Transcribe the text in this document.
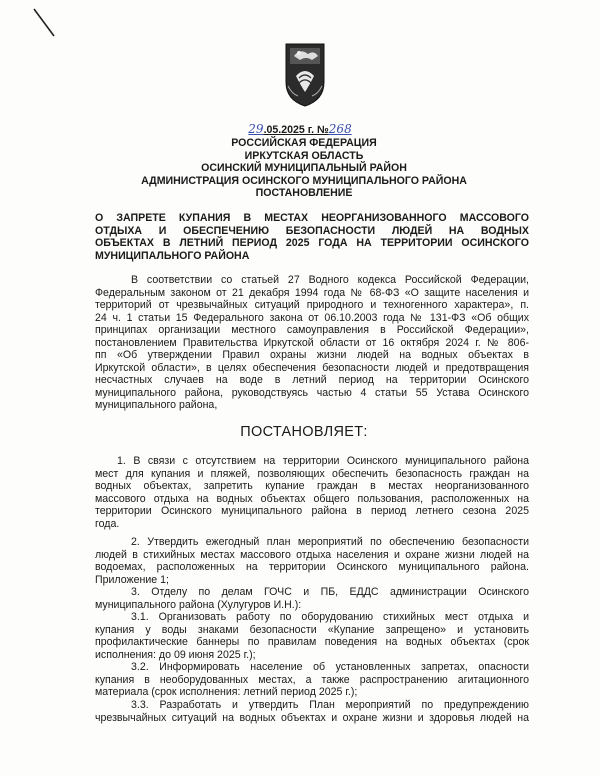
29.05.2025 г. №268
РОССИЙСКАЯ ФЕДЕРАЦИЯ
ИРКУТСКАЯ ОБЛАСТЬ
ОСИНСКИЙ МУНИЦИПАЛЬНЫЙ РАЙОН
АДМИНИСТРАЦИЯ ОСИНСКОГО МУНИЦИПАЛЬНОГО РАЙОНА
ПОСТАНОВЛЕНИЕ
О ЗАПРЕТЕ КУПАНИЯ В МЕСТАХ НЕОРГАНИЗОВАННОГО МАССОВОГО
ОТДЫХА И ОБЕСПЕЧЕНИЮ БЕЗОПАСНОСТИ ЛЮДЕЙ НА ВОДНЫХ
ОБЪЕКТАХ В ЛЕТНИЙ ПЕРИОД 2025 ГОДА НА ТЕРРИТОРИИ ОСИНСКОГО
МУНИЦИПАЛЬНОГО РАЙОНА
В соответствии со статьей 27 Водного кодекса Российской Федерации,
Федеральным законом от 21 декабря 1994 года № 68-ФЗ «О защите населения и
территорий от чрезвычайных ситуаций природного и техногенного характера», п.
24 ч. 1 статьи 15 Федерального закона от 06.10.2003 года № 131-ФЗ «Об общих
принципах организации местного самоуправления в Российской Федерации»,
постановлением Правительства Иркутской области от 16 октября 2024 г. № 806-
пп «Об утверждении Правил охраны жизни людей на водных объектах в
Иркутской области», в целях обеспечения безопасности людей и предотвращения
несчастных случаев на воде в летний период на территории Осинского
муниципального района, руководствуясь частью 4 статьи 55 Устава Осинского
муниципального района,
ПОСТАНОВЛЯЕТ:
1. В связи с отсутствием на территории Осинского муниципального района
мест для купания и пляжей, позволяющих обеспечить безопасность граждан на
водных объектах, запретить купание граждан в местах неорганизованного
массового отдыха на водных объектах общего пользования, расположенных на
территории Осинского муниципального района в период летнего сезона 2025
года.
2. Утвердить ежегодный план мероприятий по обеспечению безопасности
людей в стихийных местах массового отдыха населения и охране жизни людей на
водоемах, расположенных на территории Осинского муниципального района.
Приложение 1;
3. Отделу по делам ГОЧС и ПБ, ЕДДС администрации Осинского
муниципального района (Хулугуров И.Н.):
3.1. Организовать работу по оборудованию стихийных мест отдыха и
купания у воды знаками безопасности «Купание запрещено» и установить
профилактические баннеры по правилам поведения на водных объектах (срок
исполнения: до 09 июня 2025 г.);
3.2. Информировать население об установленных запретах, опасности
купания в необорудованных местах, а также распространению агитационного
материала (срок исполнения: летний период 2025 г.);
3.3. Разработать и утвердить План мероприятий по предупреждению
чрезвычайных ситуаций на водных объектах и охране жизни и здоровья людей на
